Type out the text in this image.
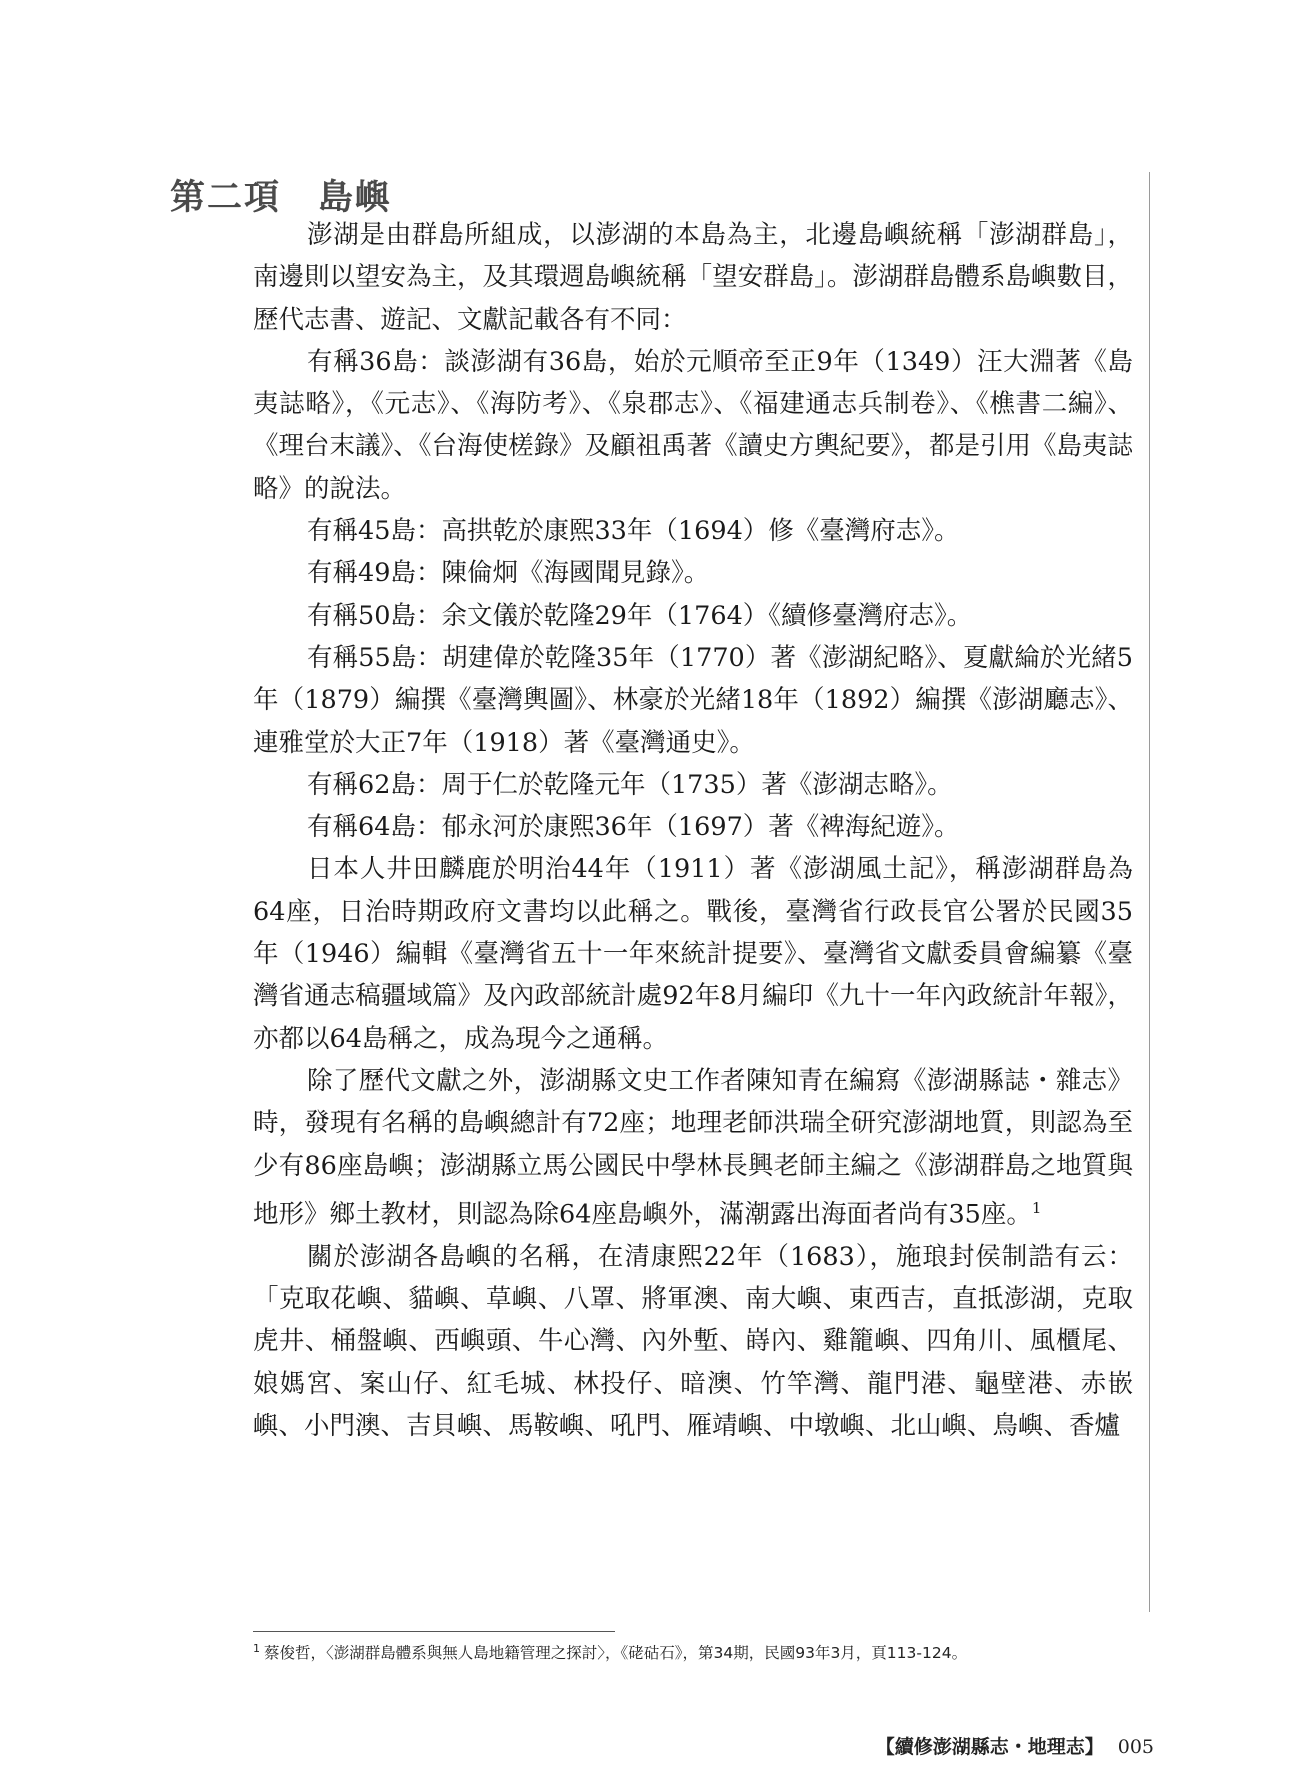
第二項　島嶼

澎湖是由群島所組成，以澎湖的本島為主，北邊島嶼統稱「澎湖群島」，南邊則以望安為主，及其環週島嶼統稱「望安群島」。澎湖群島體系島嶼數目，歷代志書、遊記、文獻記載各有不同：

有稱36島：談澎湖有36島，始於元順帝至正9年（1349）汪大淵著《島夷誌略》，《元志》、《海防考》、《泉郡志》、《福建通志兵制卷》、《樵書二編》、《理台末議》、《台海使槎錄》及顧祖禹著《讀史方輿紀要》，都是引用《島夷誌略》的說法。

有稱45島：高拱乾於康熙33年（1694）修《臺灣府志》。

有稱49島：陳倫炯《海國聞見錄》。

有稱50島：余文儀於乾隆29年（1764）《續修臺灣府志》。

有稱55島：胡建偉於乾隆35年（1770）著《澎湖紀略》、夏獻綸於光緒5年（1879）編撰《臺灣輿圖》、林豪於光緒18年（1892）編撰《澎湖廳志》、連雅堂於大正7年（1918）著《臺灣通史》。

有稱62島：周于仁於乾隆元年（1735）著《澎湖志略》。

有稱64島：郁永河於康熙36年（1697）著《裨海紀遊》。

日本人井田麟鹿於明治44年（1911）著《澎湖風土記》，稱澎湖群島為64座，日治時期政府文書均以此稱之。戰後，臺灣省行政長官公署於民國35年（1946）編輯《臺灣省五十一年來統計提要》、臺灣省文獻委員會編纂《臺灣省通志稿疆域篇》及內政部統計處92年8月編印《九十一年內政統計年報》，亦都以64島稱之，成為現今之通稱。

除了歷代文獻之外，澎湖縣文史工作者陳知青在編寫《澎湖縣誌・雜志》時，發現有名稱的島嶼總計有72座；地理老師洪瑞全研究澎湖地質，則認為至少有86座島嶼；澎湖縣立馬公國民中學林長興老師主編之《澎湖群島之地質與地形》鄉土教材，則認為除64座島嶼外，滿潮露出海面者尚有35座。$^1$

關於澎湖各島嶼的名稱，在清康熙22年（1683），施琅封侯制誥有云：「克取花嶼、貓嶼、草嶼、八罩、將軍澳、南大嶼、東西吉，直抵澎湖，克取虎井、桶盤嶼、西嶼頭、牛心灣、內外塹、嵵內、雞籠嶼、四角川、風櫃尾、娘媽宮、案山仔、紅毛城、林投仔、暗澳、竹竿灣、龍門港、龜壁港、赤嵌嶼、小門澳、吉貝嶼、馬鞍嶼、吼門、雁靖嶼、中墩嶼、北山嶼、鳥嶼、香爐

$^1$ 蔡俊哲，〈澎湖群島體系與無人島地籍管理之探討〉，《硓𥑮石》，第34期，民國93年3月，頁113-124。
【續修澎湖縣志・地理志】 005
